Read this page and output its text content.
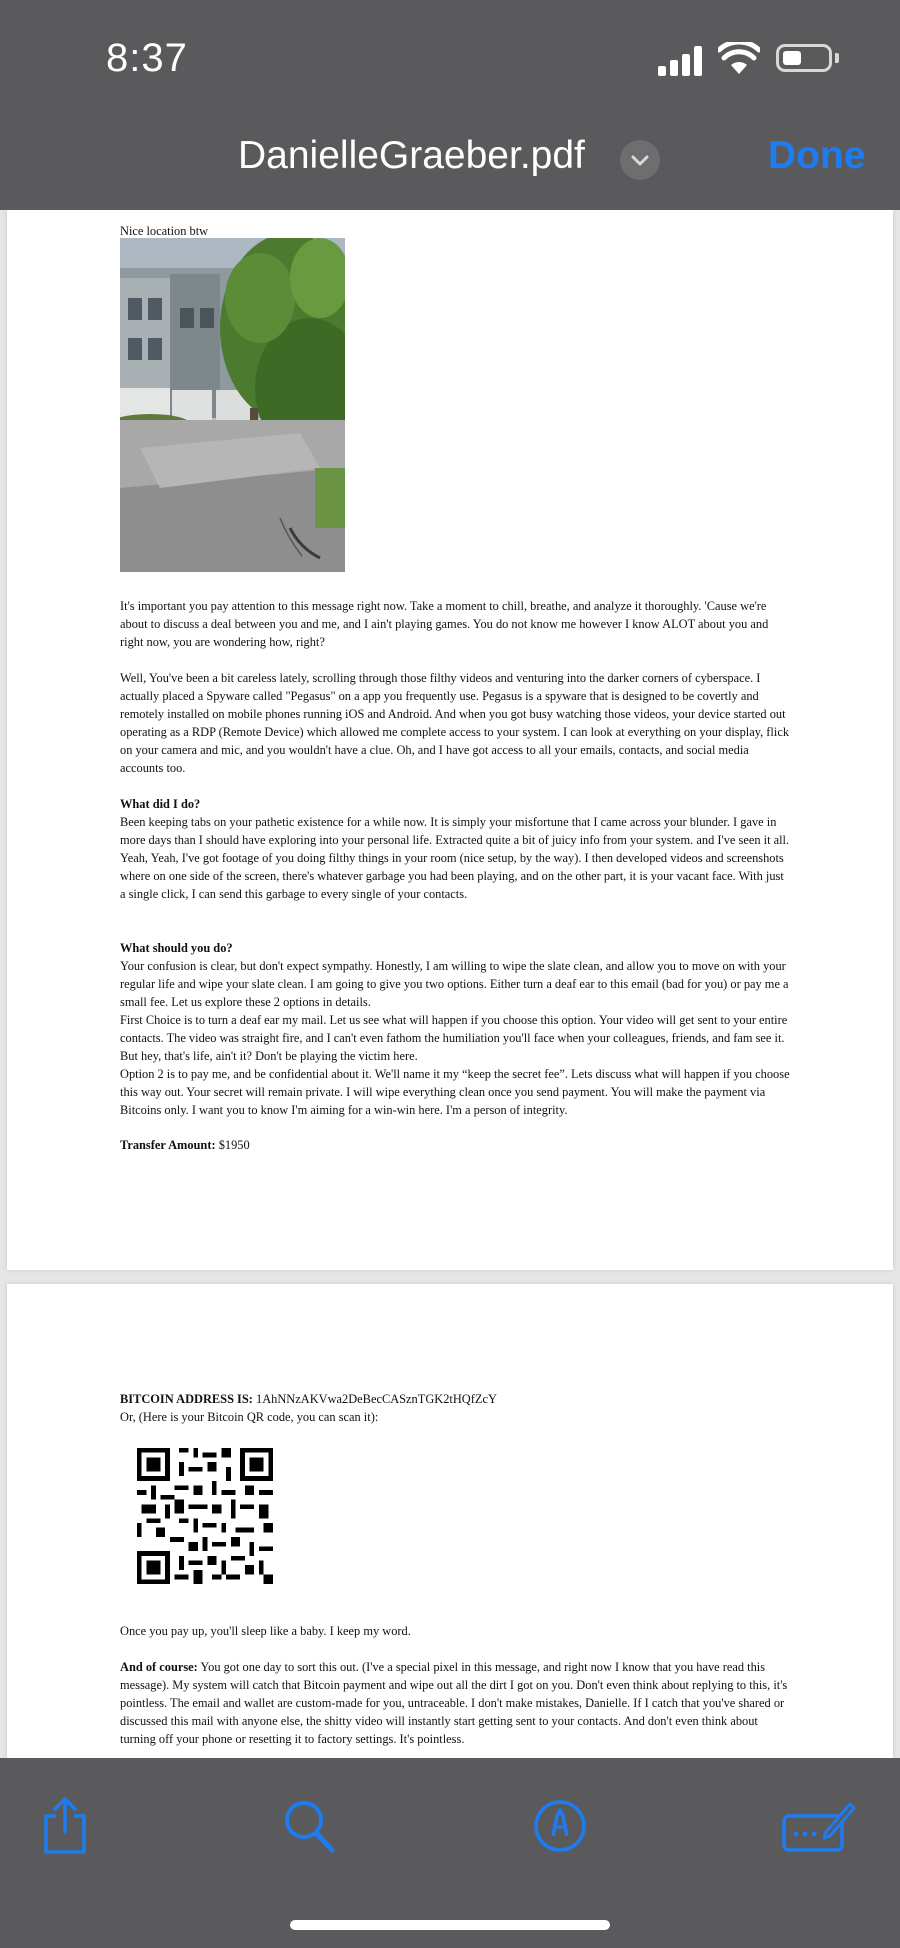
8:37
DanielleGraeber.pdf	Done
Nice location btw

It's important you pay attention to this message right now. Take a moment to chill, breathe, and analyze it thoroughly. 'Cause we're about to discuss a deal between you and me, and I ain't playing games. You do not know me however I know ALOT about you and right now, you are wondering how, right?

Well, You've been a bit careless lately, scrolling through those filthy videos and venturing into the darker corners of cyberspace. I actually placed a Spyware called "Pegasus" on a app you frequently use. Pegasus is a spyware that is designed to be covertly and remotely installed on mobile phones running iOS and Android. And when you got busy watching those videos, your device started out operating as a RDP (Remote Device) which allowed me complete access to your system. I can look at everything on your display, flick on your camera and mic, and you wouldn't have a clue. Oh, and I have got access to all your emails, contacts, and social media accounts too.

What did I do?

Been keeping tabs on your pathetic existence for a while now. It is simply your misfortune that I came across your blunder. I gave in more days than I should have exploring into your personal life. Extracted quite a bit of juicy info from your system. and I've seen it all. Yeah, Yeah, I've got footage of you doing filthy things in your room (nice setup, by the way). I then developed videos and screenshots where on one side of the screen, there's whatever garbage you had been playing, and on the other part, it is your vacant face. With just a single click, I can send this garbage to every single of your contacts.

What should you do?

Your confusion is clear, but don't expect sympathy. Honestly, I am willing to wipe the slate clean, and allow you to move on with your regular life and wipe your slate clean. I am going to give you two options. Either turn a deaf ear to this email (bad for you) or pay me a small fee. Let us explore these 2 options in details.

First Choice is to turn a deaf ear my mail. Let us see what will happen if you choose this option. Your video will get sent to your entire contacts. The video was straight fire, and I can't even fathom the humiliation you'll face when your colleagues, friends, and fam see it. But hey, that's life, ain't it? Don't be playing the victim here.

Option 2 is to pay me, and be confidential about it. We'll name it my “keep the secret fee”. Lets discuss what will happen if you choose this way out. Your secret will remain private. I will wipe everything clean once you send payment. You will make the payment via Bitcoins only. I want you to know I'm aiming for a win-win here. I'm a person of integrity.

Transfer Amount: $1950

BITCOIN ADDRESS IS: 1AhNNzAKVwa2DeBecCASznTGK2tHQfZcY

Or, (Here is your Bitcoin QR code, you can scan it):

Once you pay up, you'll sleep like a baby. I keep my word.

And of course: You got one day to sort this out. (I've a special pixel in this message, and right now I know that you have read this message). My system will catch that Bitcoin payment and wipe out all the dirt I got on you. Don't even think about replying to this, it's pointless. The email and wallet are custom-made for you, untraceable. I don't make mistakes, Danielle. If I catch that you've shared or discussed this mail with anyone else, the shitty video will instantly start getting sent to your contacts. And don't even think about turning off your phone or resetting it to factory settings. It's pointless.
